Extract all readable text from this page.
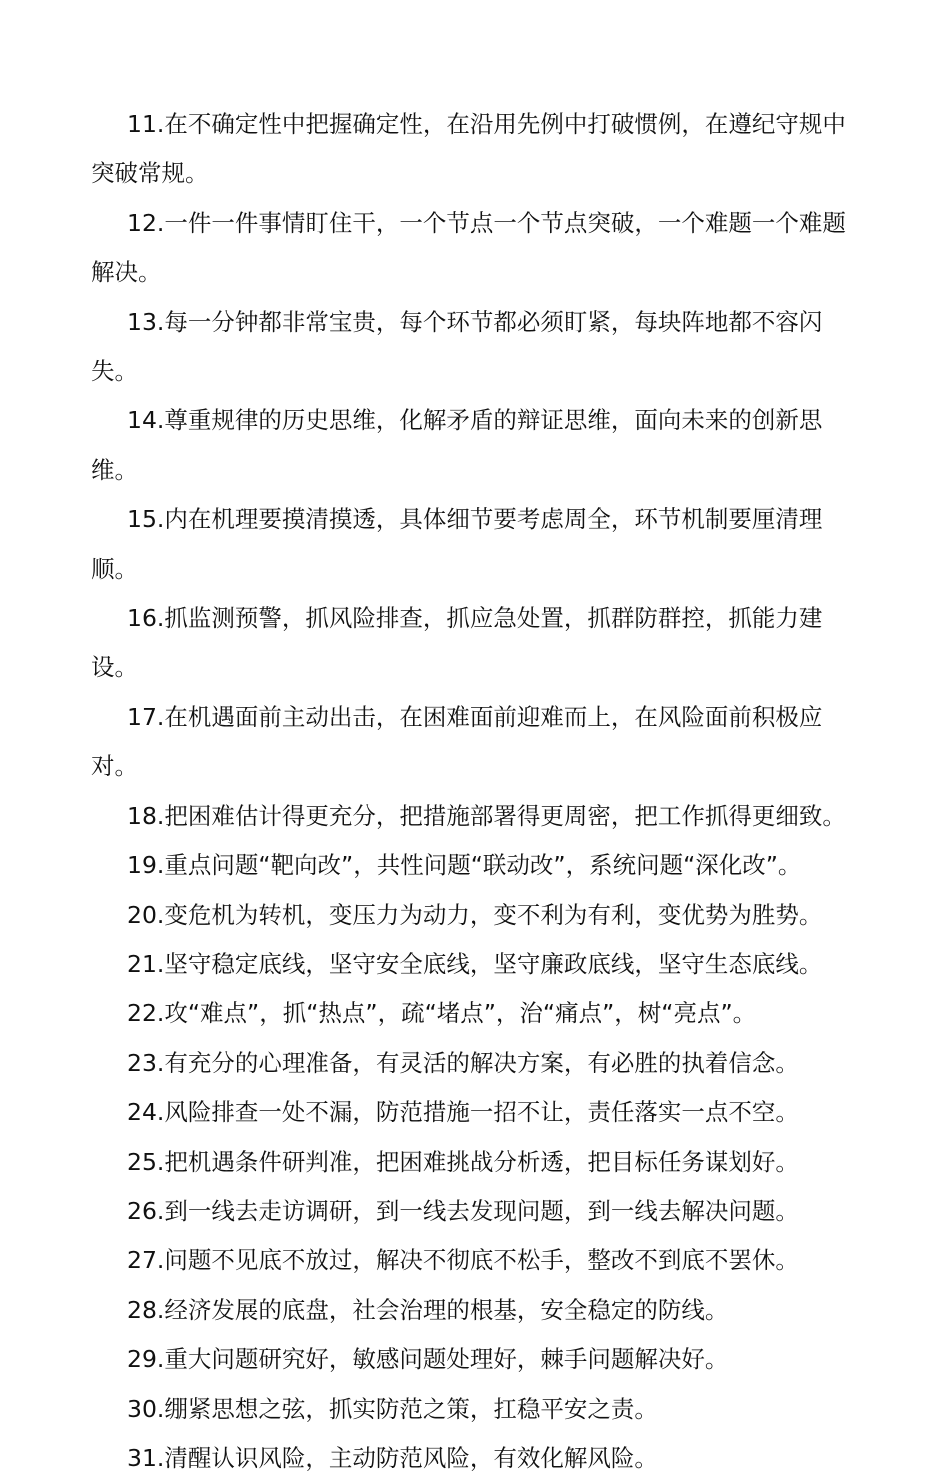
11.在不确定性中把握确定性，在沿用先例中打破惯例，在遵纪守规中突破常规。

12.一件一件事情盯住干，一个节点一个节点突破，一个难题一个难题解决。

13.每一分钟都非常宝贵，每个环节都必须盯紧，每块阵地都不容闪失。

14.尊重规律的历史思维，化解矛盾的辩证思维，面向未来的创新思维。

15.内在机理要摸清摸透，具体细节要考虑周全，环节机制要厘清理顺。

16.抓监测预警，抓风险排查，抓应急处置，抓群防群控，抓能力建设。

17.在机遇面前主动出击，在困难面前迎难而上，在风险面前积极应对。

18.把困难估计得更充分，把措施部署得更周密，把工作抓得更细致。

19.重点问题“靶向改”，共性问题“联动改”，系统问题“深化改”。

20.变危机为转机，变压力为动力，变不利为有利，变优势为胜势。

21.坚守稳定底线，坚守安全底线，坚守廉政底线，坚守生态底线。

22.攻“难点”，抓“热点”，疏“堵点”，治“痛点”，树“亮点”。

23.有充分的心理准备，有灵活的解决方案，有必胜的执着信念。

24.风险排查一处不漏，防范措施一招不让，责任落实一点不空。

25.把机遇条件研判准，把困难挑战分析透，把目标任务谋划好。

26.到一线去走访调研，到一线去发现问题，到一线去解决问题。

27.问题不见底不放过，解决不彻底不松手，整改不到底不罢休。

28.经济发展的底盘，社会治理的根基，安全稳定的防线。

29.重大问题研究好，敏感问题处理好，棘手问题解决好。

30.绷紧思想之弦，抓实防范之策，扛稳平安之责。

31.清醒认识风险，主动防范风险，有效化解风险。
